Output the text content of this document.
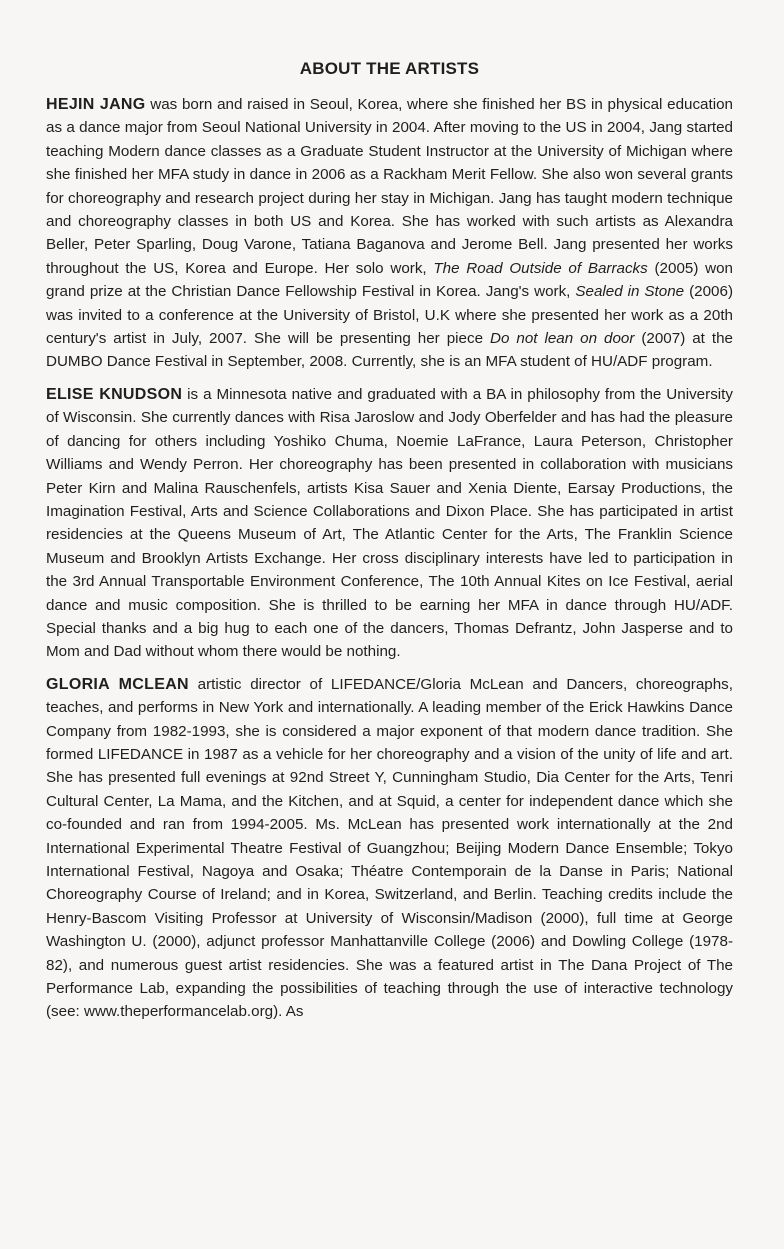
ABOUT THE ARTISTS

HEJIN JANG was born and raised in Seoul, Korea, where she finished her BS in physical education as a dance major from Seoul National University in 2004. After moving to the US in 2004, Jang started teaching Modern dance classes as a Graduate Student Instructor at the University of Michigan where she finished her MFA study in dance in 2006 as a Rackham Merit Fellow. She also won several grants for choreography and research project during her stay in Michigan. Jang has taught modern technique and choreography classes in both US and Korea. She has worked with such artists as Alexandra Beller, Peter Sparling, Doug Varone, Tatiana Baganova and Jerome Bell. Jang presented her works throughout the US, Korea and Europe. Her solo work, The Road Outside of Barracks (2005) won grand prize at the Christian Dance Fellowship Festival in Korea. Jang's work, Sealed in Stone (2006) was invited to a conference at the University of Bristol, U.K where she presented her work as a 20th century's artist in July, 2007. She will be presenting her piece Do not lean on door (2007) at the DUMBO Dance Festival in September, 2008. Currently, she is an MFA student of HU/ADF program.

ELISE KNUDSON is a Minnesota native and graduated with a BA in philosophy from the University of Wisconsin. She currently dances with Risa Jaroslow and Jody Oberfelder and has had the pleasure of dancing for others including Yoshiko Chuma, Noemie LaFrance, Laura Peterson, Christopher Williams and Wendy Perron. Her choreography has been presented in collaboration with musicians Peter Kirn and Malina Rauschenfels, artists Kisa Sauer and Xenia Diente, Earsay Productions, the Imagination Festival, Arts and Science Collaborations and Dixon Place. She has participated in artist residencies at the Queens Museum of Art, The Atlantic Center for the Arts, The Franklin Science Museum and Brooklyn Artists Exchange. Her cross disciplinary interests have led to participation in the 3rd Annual Transportable Environment Conference, The 10th Annual Kites on Ice Festival, aerial dance and music composition. She is thrilled to be earning her MFA in dance through HU/ADF. Special thanks and a big hug to each one of the dancers, Thomas Defrantz, John Jasperse and to Mom and Dad without whom there would be nothing.

GLORIA MCLEAN artistic director of LIFEDANCE/Gloria McLean and Dancers, choreographs, teaches, and performs in New York and internationally. A leading member of the Erick Hawkins Dance Company from 1982-1993, she is considered a major exponent of that modern dance tradition. She formed LIFEDANCE in 1987 as a vehicle for her choreography and a vision of the unity of life and art. She has presented full evenings at 92nd Street Y, Cunningham Studio, Dia Center for the Arts, Tenri Cultural Center, La Mama, and the Kitchen, and at Squid, a center for independent dance which she co-founded and ran from 1994-2005. Ms. McLean has presented work internationally at the 2nd International Experimental Theatre Festival of Guangzhou; Beijing Modern Dance Ensemble; Tokyo International Festival, Nagoya and Osaka; Théatre Contemporain de la Danse in Paris; National Choreography Course of Ireland; and in Korea, Switzerland, and Berlin. Teaching credits include the Henry-Bascom Visiting Professor at University of Wisconsin/Madison (2000), full time at George Washington U. (2000), adjunct professor Manhattanville College (2006) and Dowling College (1978-82), and numerous guest artist residencies. She was a featured artist in The Dana Project of The Performance Lab, expanding the possibilities of teaching through the use of interactive technology (see: www.theperformancelab.org). As
